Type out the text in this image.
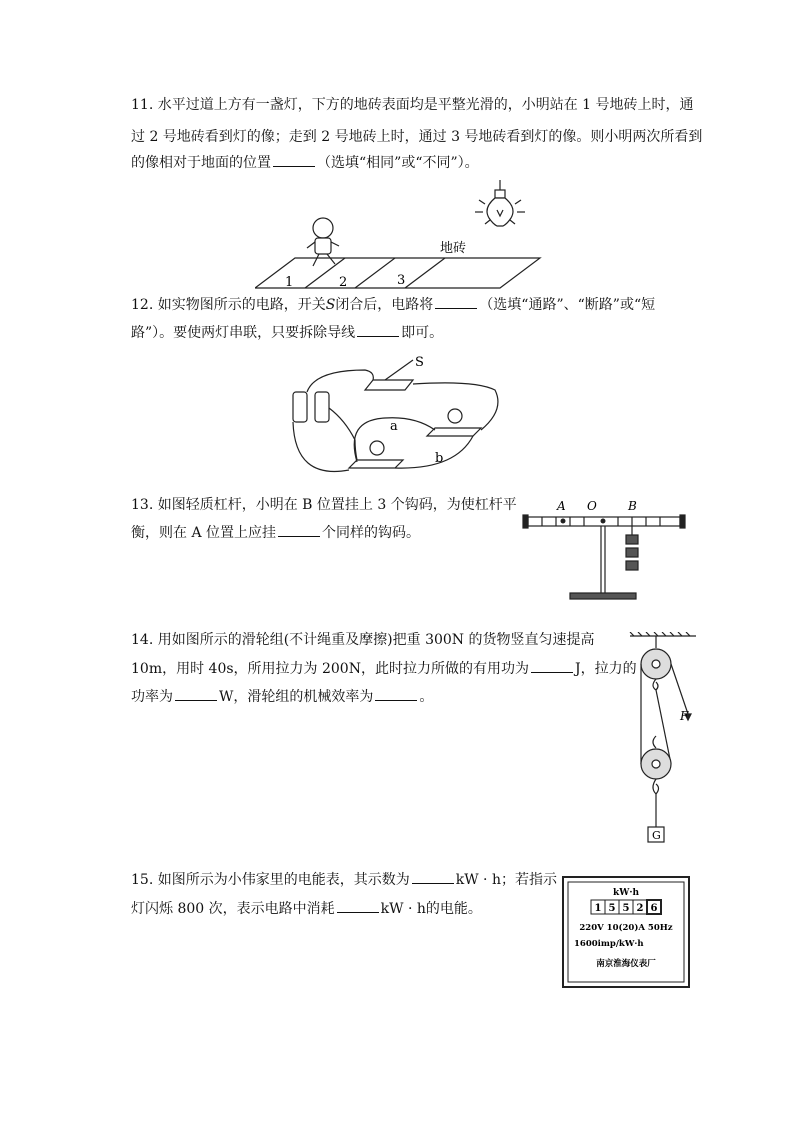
11. 水平过道上方有一盏灯，下方的地砖表面均是平整光滑的，小明站在 1 号地砖上时，通
过 2 号地砖看到灯的像；走到 2 号地砖上时，通过 3 号地砖看到灯的像。则小明两次所看到
的像相对于地面的位置	（选填“相同”或“不同”）。
地砖
1	2	3
12. 如实物图所示的电路，开关S闭合后，电路将	（选填“通路”、“断路”或“短
路”）。要使两灯串联，只要拆除导线	即可。
S
a
b
13. 如图轻质杠杆，小明在 B 位置挂上 3 个钩码，为使杠杆平
衡，则在 A 位置上应挂	个同样的钩码。
A O	B
14. 用如图所示的滑轮组(不计绳重及摩擦)把重 300N 的货物竖直匀速提高
10m，用时 40s，所用拉力为 200N，此时拉力所做的有用功为	J，拉力的
功率为	W，滑轮组的机械效率为	。
F
G
15. 如图所示为小伟家里的电能表，其示数为	kW · h；若指示
灯闪烁 800 次，表示电路中消耗	kW · h的电能。
kW·h
1 5 5 2 6
220V 10(20)A 50Hz
1600imp/kW·h
南京淮海仪表厂
